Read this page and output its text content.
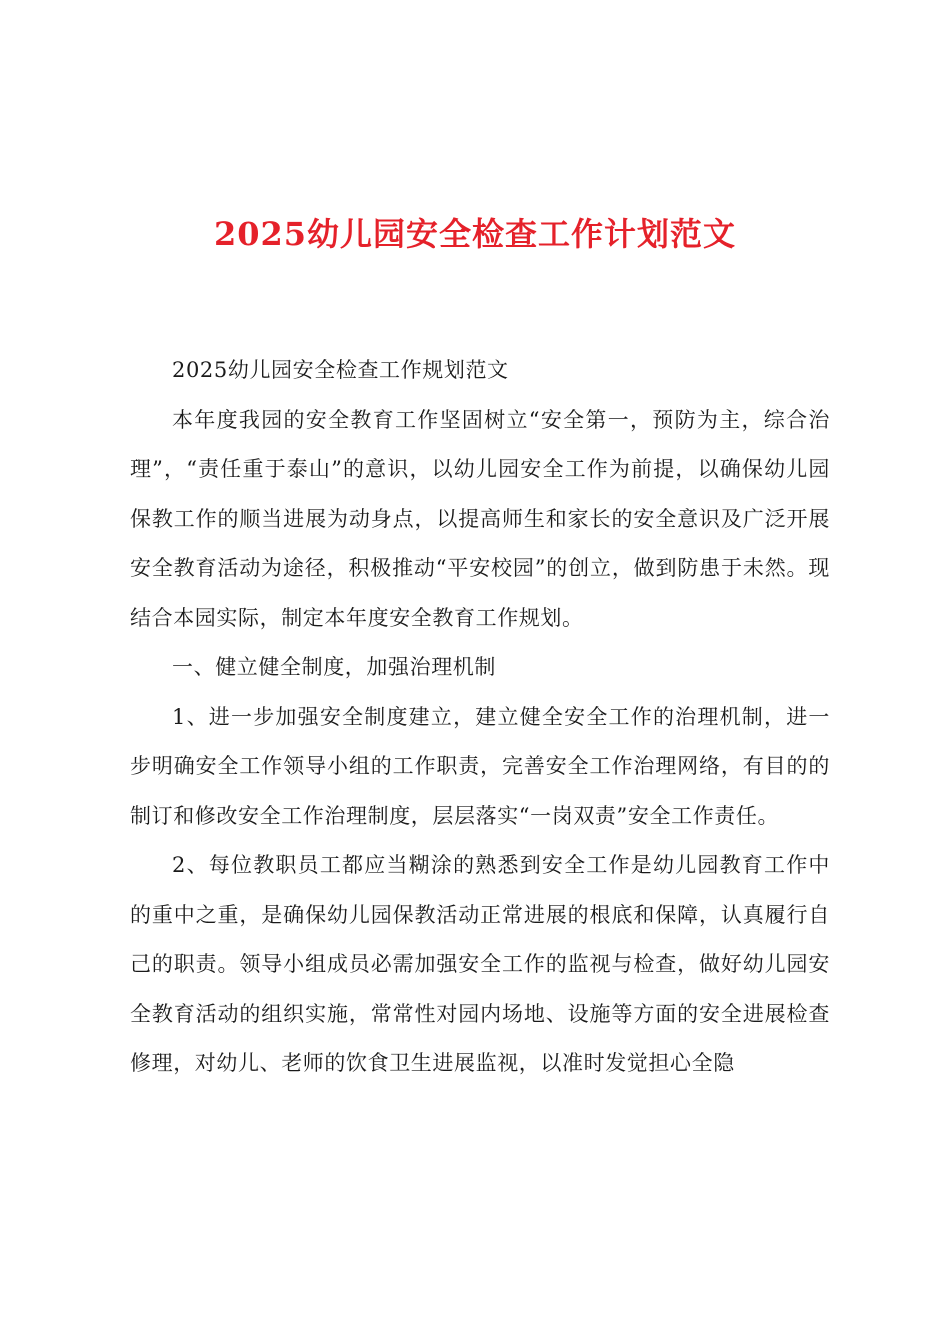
2025幼儿园安全检查工作计划范文

2025幼儿园安全检查工作规划范文

本年度我园的安全教育工作坚固树立“安全第一，预防为主，综合治理”，“责任重于泰山”的意识，以幼儿园安全工作为前提，以确保幼儿园保教工作的顺当进展为动身点，以提高师生和家长的安全意识及广泛开展安全教育活动为途径，积极推动“平安校园”的创立，做到防患于未然。现结合本园实际，制定本年度安全教育工作规划。

一、健立健全制度，加强治理机制

1、进一步加强安全制度建立，建立健全安全工作的治理机制，进一步明确安全工作领导小组的工作职责，完善安全工作治理网络，有目的的制订和修改安全工作治理制度，层层落实“一岗双责”安全工作责任。

2、每位教职员工都应当糊涂的熟悉到安全工作是幼儿园教育工作中的重中之重，是确保幼儿园保教活动正常进展的根底和保障，认真履行自己的职责。领导小组成员必需加强安全工作的监视与检查，做好幼儿园安全教育活动的组织实施，常常性对园内场地、设施等方面的安全进展检查修理，对幼儿、老师的饮食卫生进展监视，以准时发觉担心全隐
